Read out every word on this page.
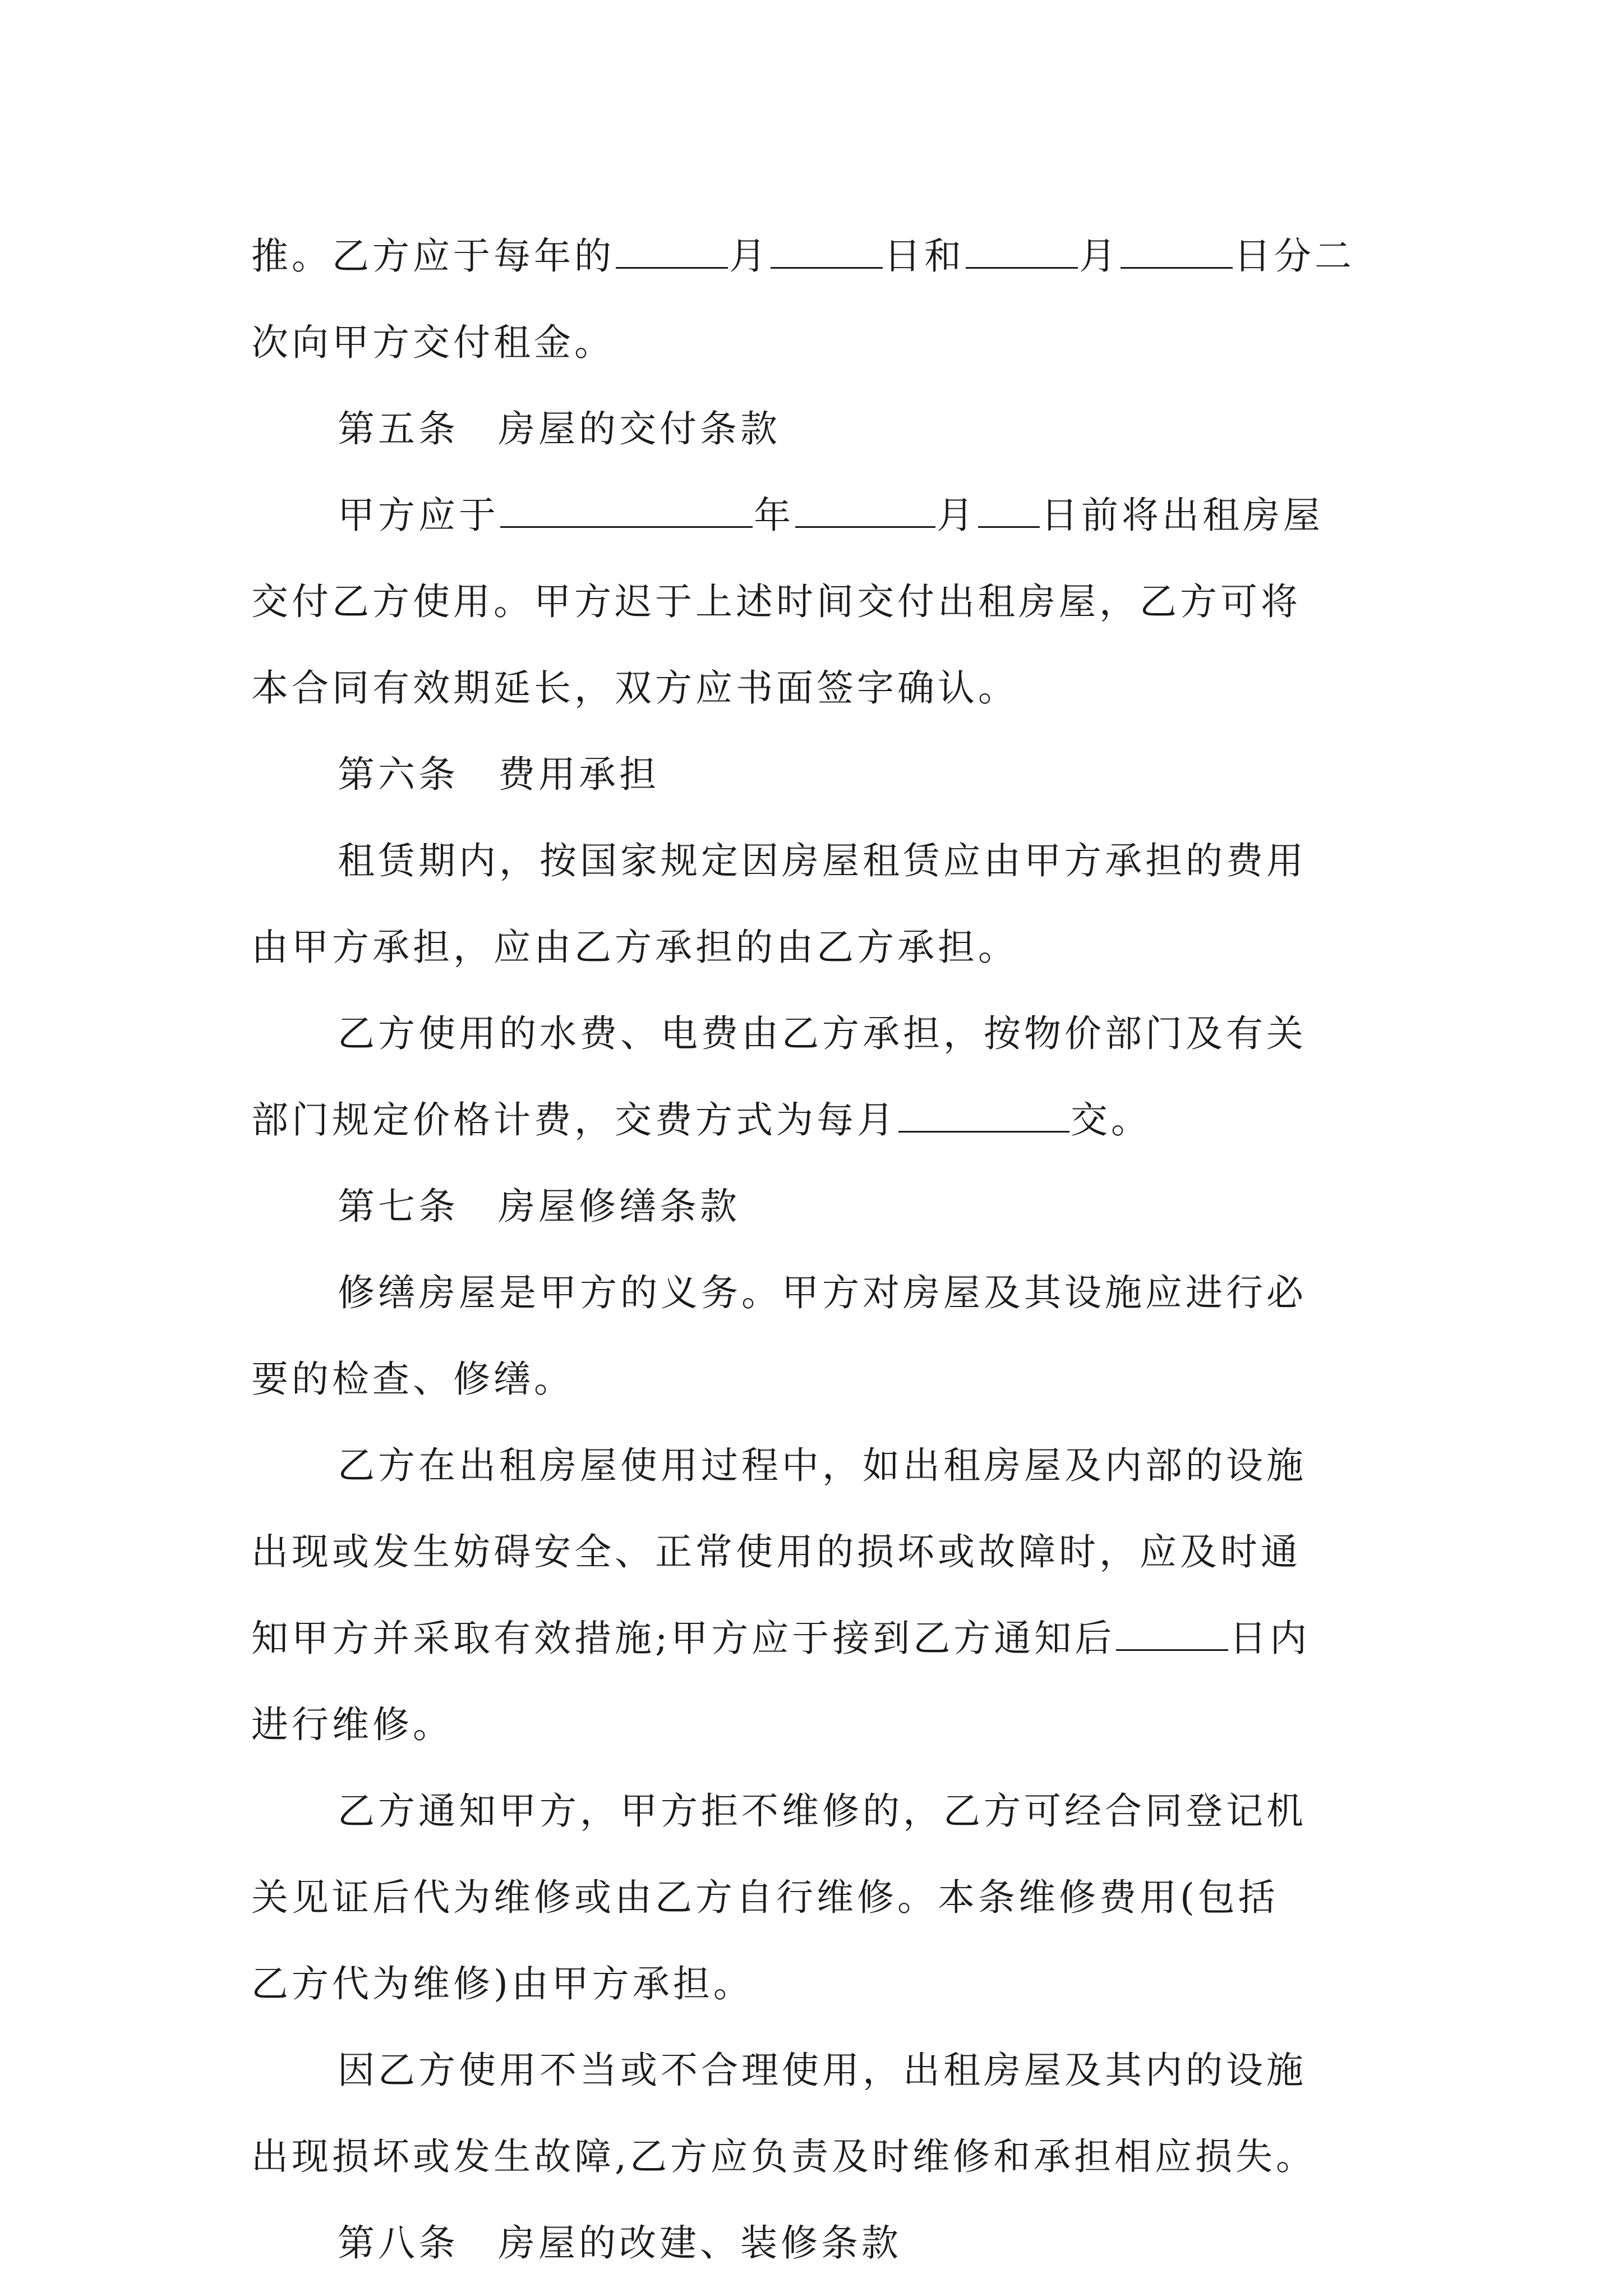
推。乙方应于每年的	月	日和	月	日分二
次向甲方交付租金。
第五条 房屋的交付条款
甲方应于	年	月 日前将出租房屋
交付乙方使用。甲方迟于上述时间交付出租房屋，乙方可将
本合同有效期延长，双方应书面签字确认。
第六条 费用承担
租赁期内，按国家规定因房屋租赁应由甲方承担的费用
由甲方承担，应由乙方承担的由乙方承担。
乙方使用的水费、电费由乙方承担，按物价部门及有关
部门规定价格计费，交费方式为每月	交。
第七条 房屋修缮条款
修缮房屋是甲方的义务。甲方对房屋及其设施应进行必
要的检查、修缮。
乙方在出租房屋使用过程中，如出租房屋及内部的设施
出现或发生妨碍安全、正常使用的损坏或故障时，应及时通
知甲方并采取有效措施;甲方应于接到乙方通知后	日内
进行维修。
乙方通知甲方，甲方拒不维修的，乙方可经合同登记机
关见证后代为维修或由乙方自行维修。本条维修费用(包括
乙方代为维修)由甲方承担。
因乙方使用不当或不合理使用，出租房屋及其内的设施
出现损坏或发生故障,乙方应负责及时维修和承担相应损失。
第八条 房屋的改建、装修条款
